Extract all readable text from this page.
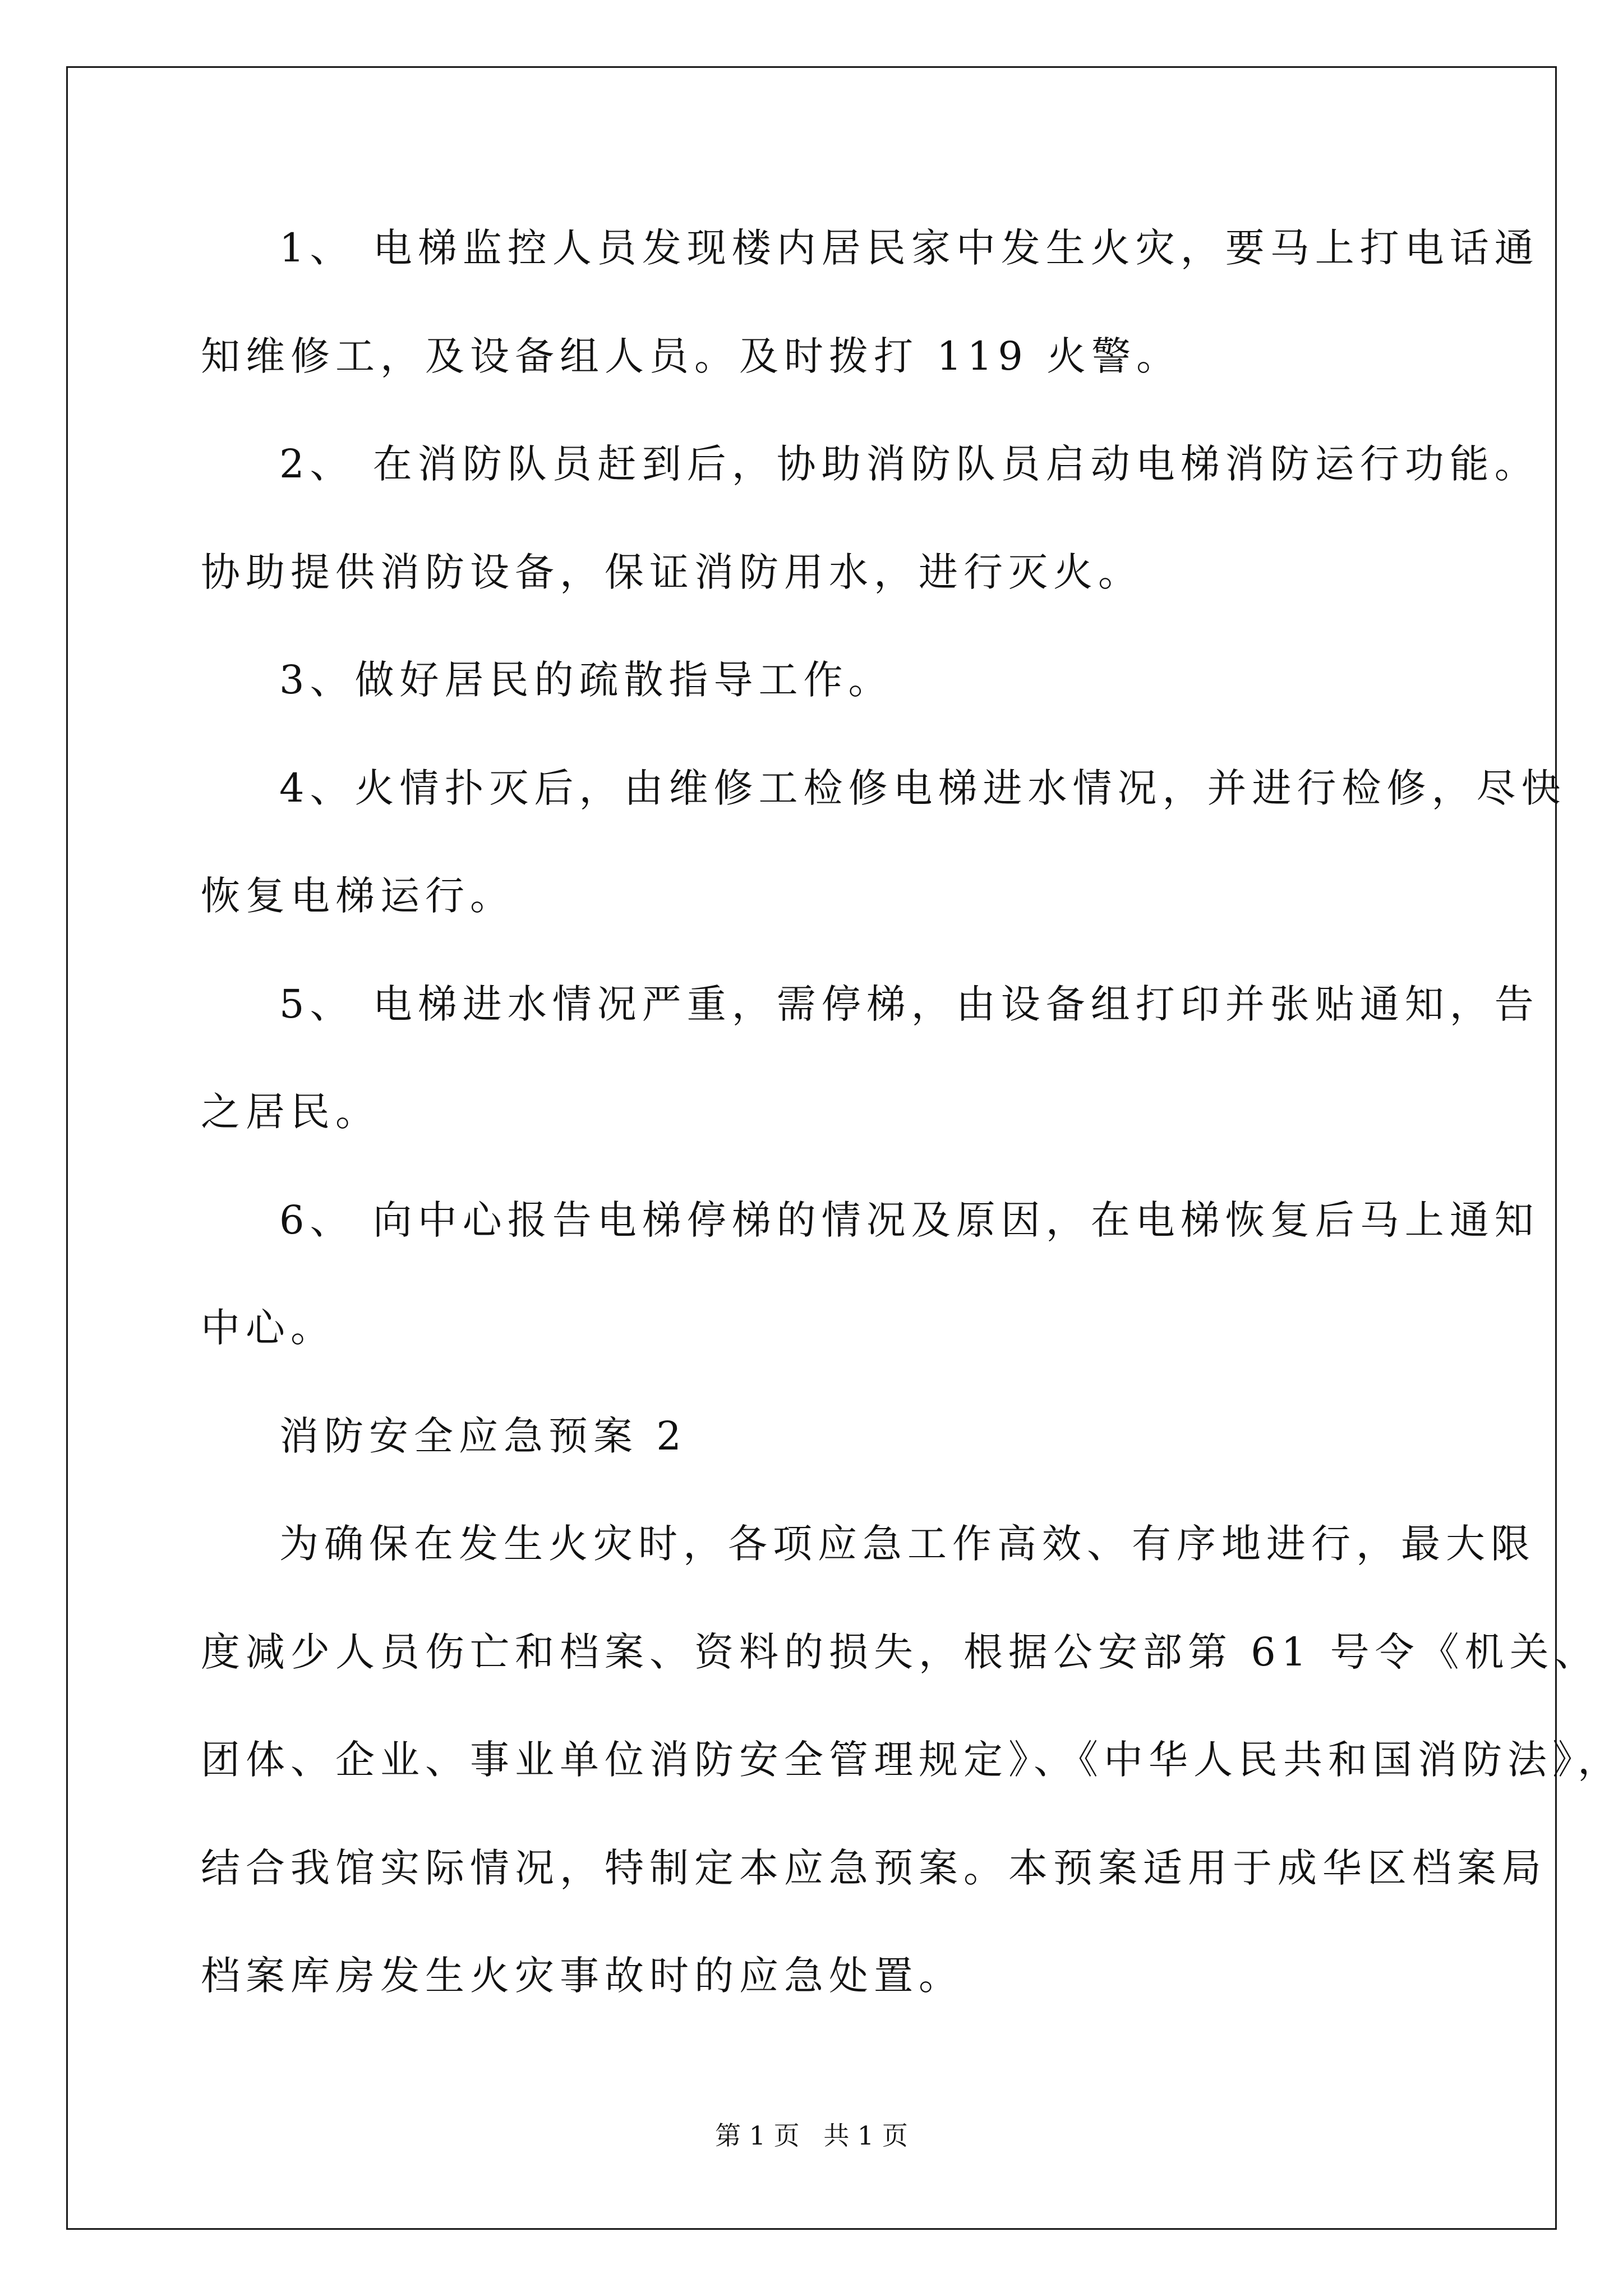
1、 电梯监控人员发现楼内居民家中发生火灾，要马上打电话通

知维修工，及设备组人员。及时拨打 119 火警。

2、 在消防队员赶到后，协助消防队员启动电梯消防运行功能。

协助提供消防设备，保证消防用水，进行灭火。

3、做好居民的疏散指导工作。

4、火情扑灭后，由维修工检修电梯进水情况，并进行检修，尽快

恢复电梯运行。

5、 电梯进水情况严重，需停梯，由设备组打印并张贴通知，告

之居民。

6、 向中心报告电梯停梯的情况及原因，在电梯恢复后马上通知

中心。

消防安全应急预案 2

为确保在发生火灾时，各项应急工作高效、有序地进行，最大限

度减少人员伤亡和档案、资料的损失，根据公安部第 61 号令《机关、

团体、企业、事业单位消防安全管理规定》、《中华人民共和国消防法》，

结合我馆实际情况，特制定本应急预案。本预案适用于成华区档案局

档案库房发生火灾事故时的应急处置。

第 1 页 共 1 页
